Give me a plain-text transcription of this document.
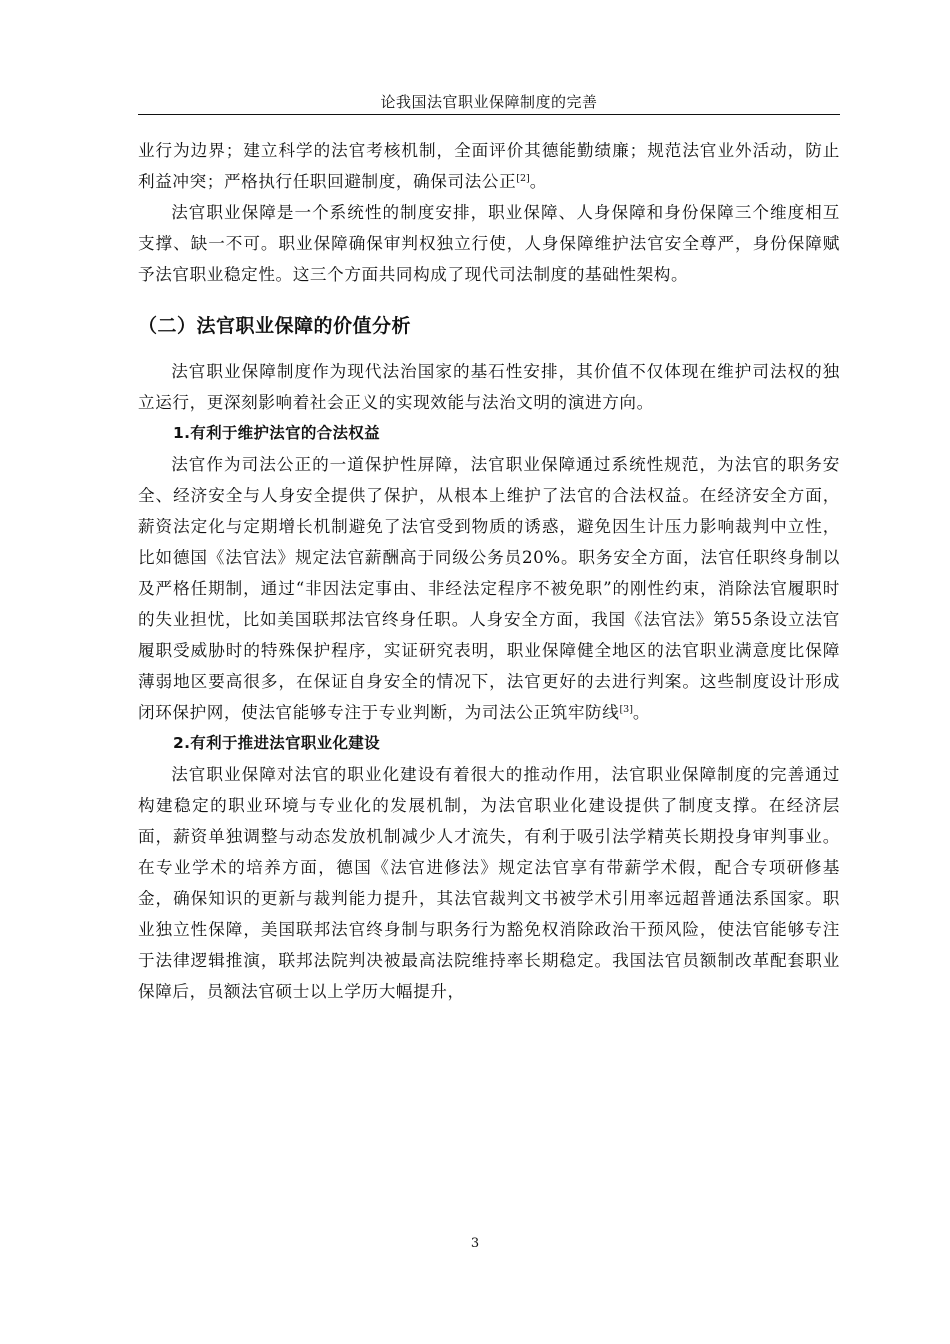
论我国法官职业保障制度的完善

业行为边界；建立科学的法官考核机制，全面评价其德能勤绩廉；规范法官业外活动，防止利益冲突；严格执行任职回避制度，确保司法公正[2]。

法官职业保障是一个系统性的制度安排，职业保障、人身保障和身份保障三个维度相互支撑、缺一不可。职业保障确保审判权独立行使，人身保障维护法官安全尊严，身份保障赋予法官职业稳定性。这三个方面共同构成了现代司法制度的基础性架构。

（二）法官职业保障的价值分析

法官职业保障制度作为现代法治国家的基石性安排，其价值不仅体现在维护司法权的独立运行，更深刻影响着社会正义的实现效能与法治文明的演进方向。

1.有利于维护法官的合法权益

法官作为司法公正的一道保护性屏障，法官职业保障通过系统性规范，为法官的职务安全、经济安全与人身安全提供了保护，从根本上维护了法官的合法权益。在经济安全方面，薪资法定化与定期增长机制避免了法官受到物质的诱惑，避免因生计压力影响裁判中立性，比如德国《法官法》规定法官薪酬高于同级公务员20%。职务安全方面，法官任职终身制以及严格任期制，通过“非因法定事由、非经法定程序不被免职”的刚性约束，消除法官履职时的失业担忧，比如美国联邦法官终身任职。人身安全方面，我国《法官法》第55条设立法官履职受威胁时的特殊保护程序，实证研究表明，职业保障健全地区的法官职业满意度比保障薄弱地区要高很多，在保证自身安全的情况下，法官更好的去进行判案。这些制度设计形成闭环保护网，使法官能够专注于专业判断，为司法公正筑牢防线[3]。

2.有利于推进法官职业化建设

法官职业保障对法官的职业化建设有着很大的推动作用，法官职业保障制度的完善通过构建稳定的职业环境与专业化的发展机制，为法官职业化建设提供了制度支撑。在经济层面，薪资单独调整与动态发放机制减少人才流失，有利于吸引法学精英长期投身审判事业。在专业学术的培养方面，德国《法官进修法》规定法官享有带薪学术假，配合专项研修基金，确保知识的更新与裁判能力提升，其法官裁判文书被学术引用率远超普通法系国家。职业独立性保障，美国联邦法官终身制与职务行为豁免权消除政治干预风险，使法官能够专注于法律逻辑推演，联邦法院判决被最高法院维持率长期稳定。我国法官员额制改革配套职业保障后，员额法官硕士以上学历大幅提升，

3
